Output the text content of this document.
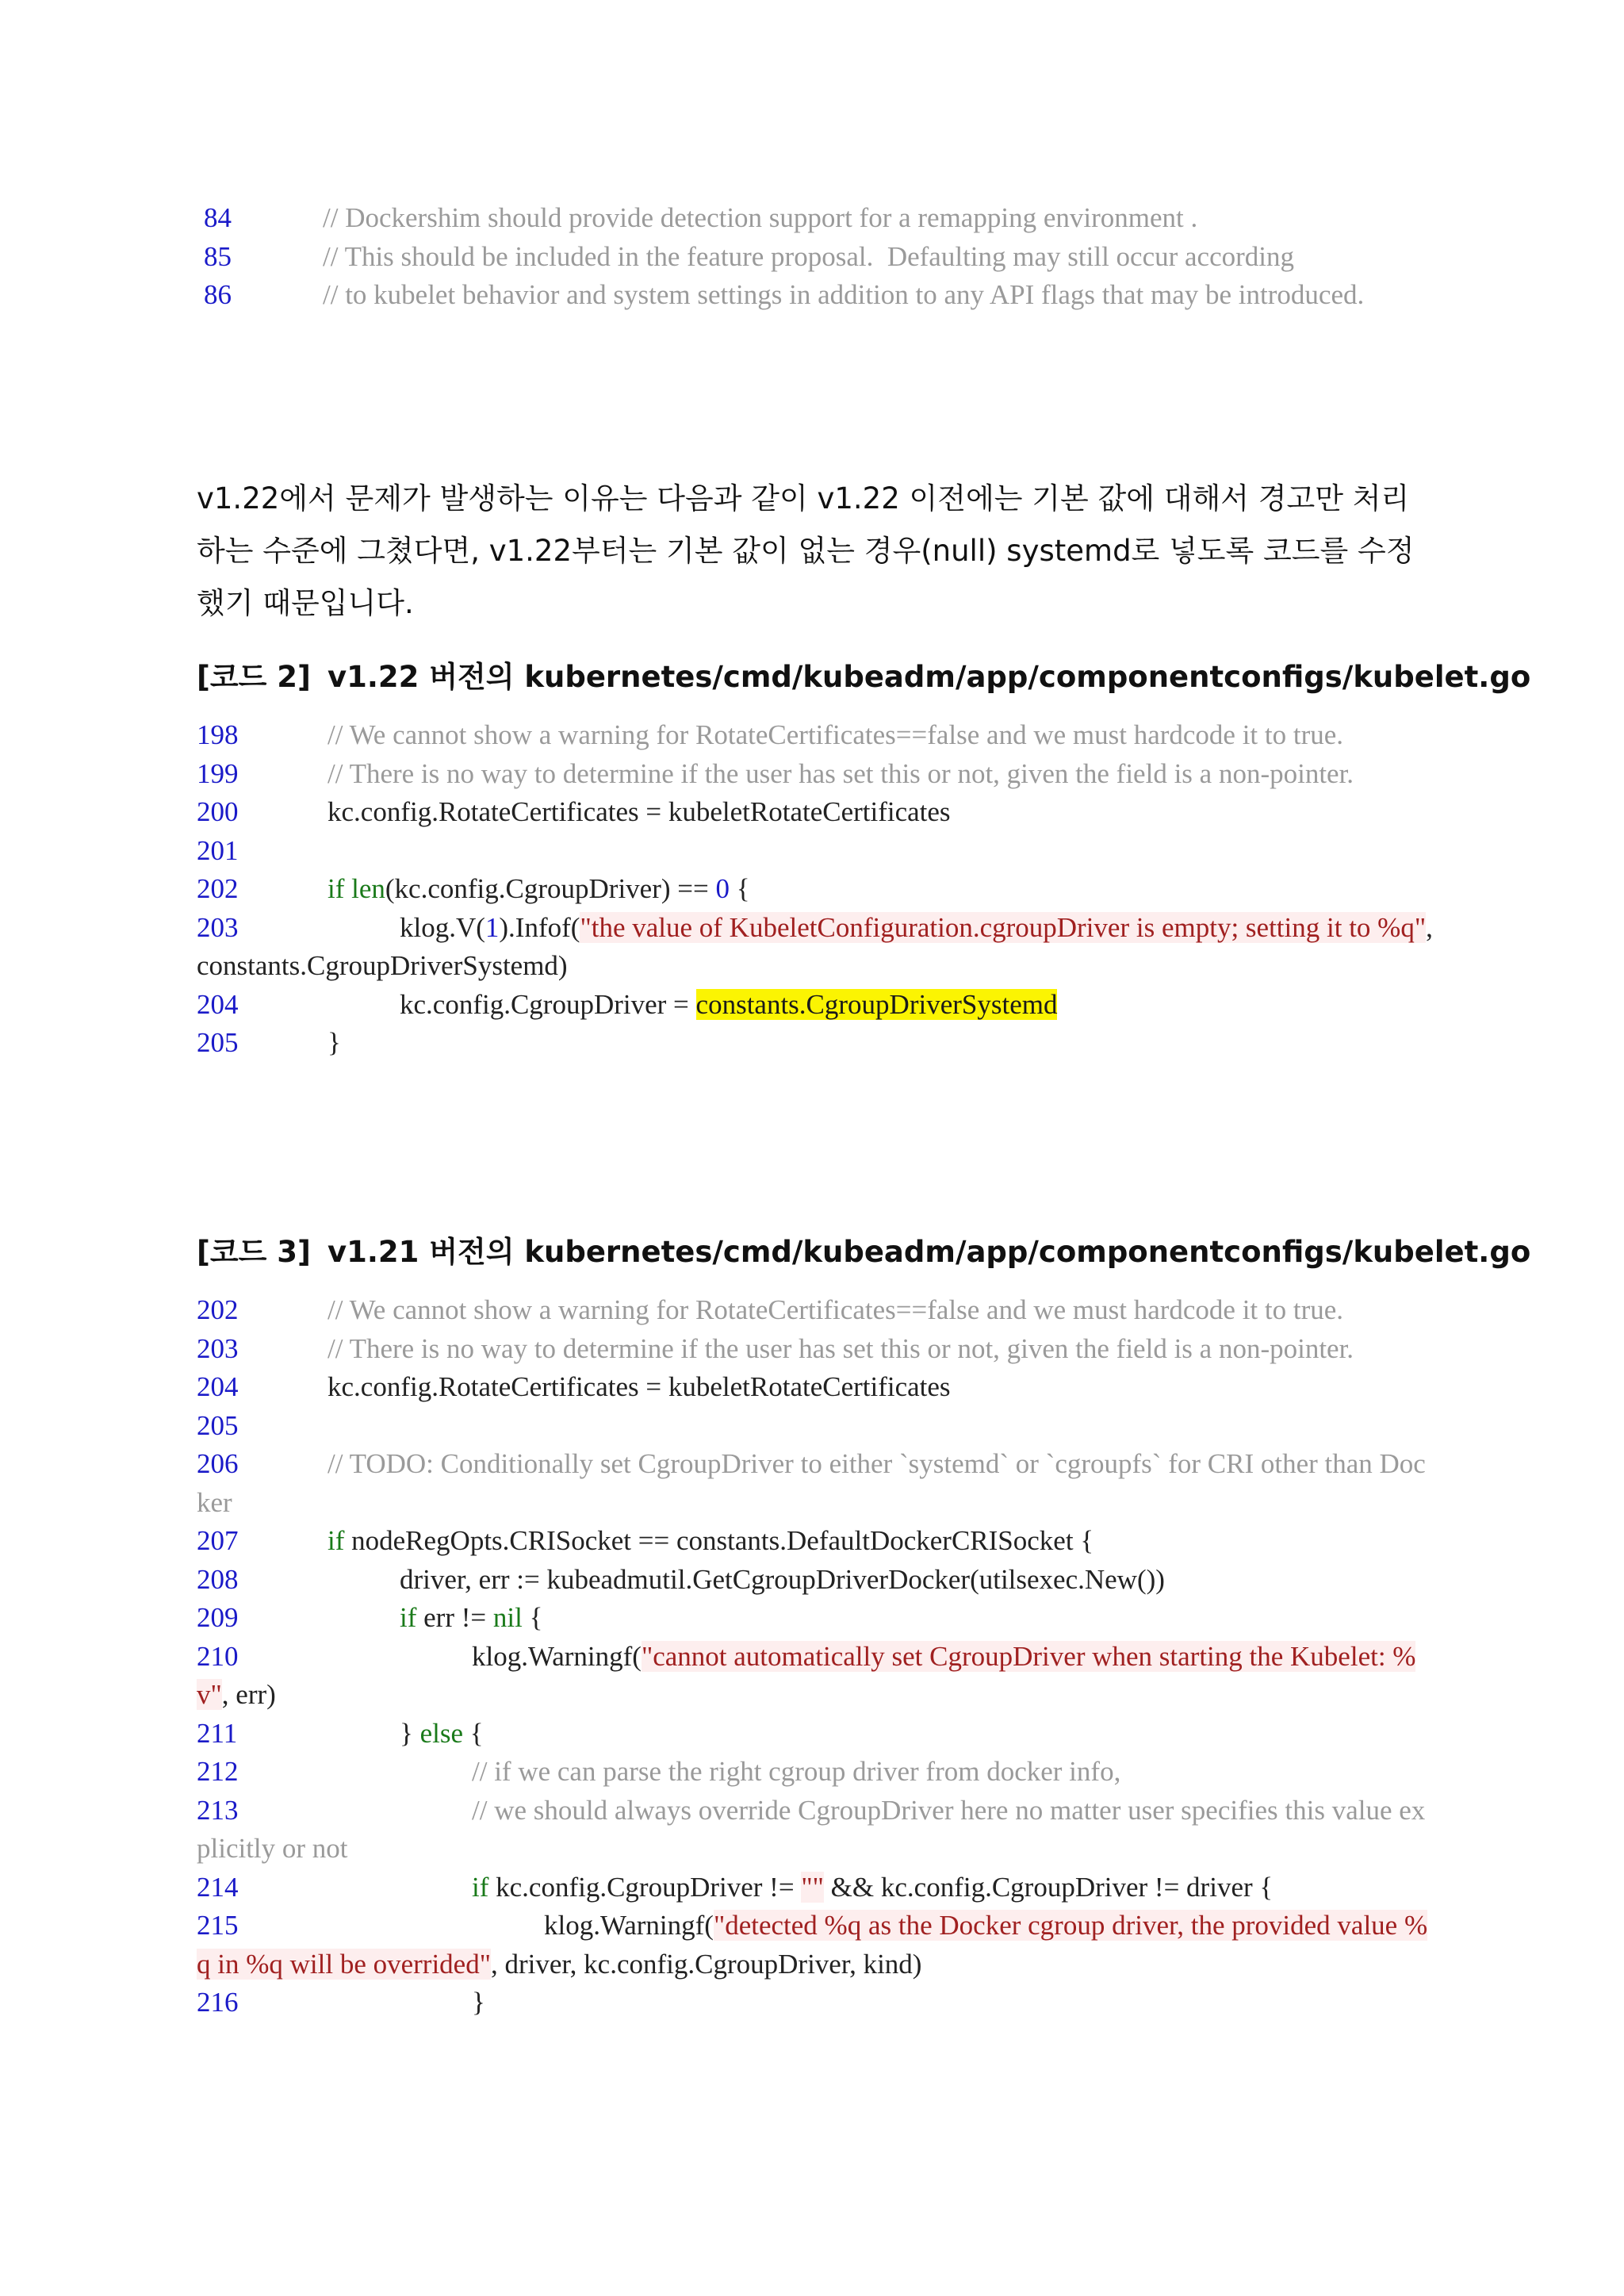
84	// Dockershim should provide detection support for a remapping environment .
85	// This should be included in the feature proposal.  Defaulting may still occur according
86	// to kubelet behavior and system settings in addition to any API flags that may be introduced.

v1.22에서 문제가 발생하는 이유는 다음과 같이 v1.22 이전에는 기본 값에 대해서 경고만 처리하는 수준에 그쳤다면, v1.22부터는 기본 값이 없는 경우(null) systemd로 넣도록 코드를 수정했기 때문입니다.

[코드 2] v1.22 버전의 kubernetes/cmd/kubeadm/app/componentconfigs/kubelet.go
198	// We cannot show a warning for RotateCertificates==false and we must hardcode it to true.
199	// There is no way to determine if the user has set this or not, given the field is a non-pointer.
200	kc.config.RotateCertificates = kubeletRotateCertificates
201
202	if len(kc.config.CgroupDriver) == 0 {
203	klog.V(1).Infof("the value of KubeletConfiguration.cgroupDriver is empty; setting it to %q", constants.CgroupDriverSystemd)
204	kc.config.CgroupDriver = constants.CgroupDriverSystemd
205	}
[코드 3] v1.21 버전의 kubernetes/cmd/kubeadm/app/componentconfigs/kubelet.go
202	// We cannot show a warning for RotateCertificates==false and we must hardcode it to true.
203	// There is no way to determine if the user has set this or not, given the field is a non-pointer.
204	kc.config.RotateCertificates = kubeletRotateCertificates
205
206	// TODO: Conditionally set CgroupDriver to either `systemd` or `cgroupfs` for CRI other than Docker
207	if nodeRegOpts.CRISocket == constants.DefaultDockerCRISocket {
208	driver, err := kubeadmutil.GetCgroupDriverDocker(utilsexec.New())
209	if err != nil {
210	klog.Warningf("cannot automatically set CgroupDriver when starting the Kubelet: %v", err)
211	} else {
212	// if we can parse the right cgroup driver from docker info,
213	// we should always override CgroupDriver here no matter user specifies this value explicitly or not
214	if kc.config.CgroupDriver != "" && kc.config.CgroupDriver != driver {
215	klog.Warningf("detected %q as the Docker cgroup driver, the provided value %q in %q will be overrided", driver, kc.config.CgroupDriver, kind)
216	}
